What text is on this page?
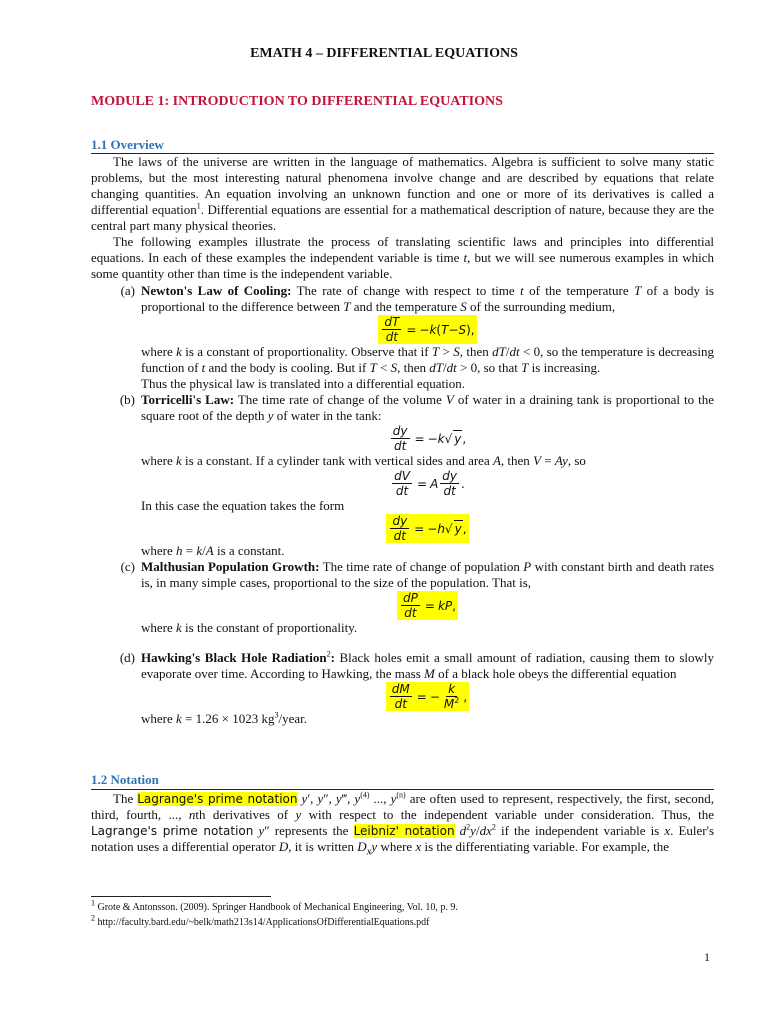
EMATH 4 – DIFFERENTIAL EQUATIONS
MODULE 1: INTRODUCTION TO DIFFERENTIAL EQUATIONS
1.1 Overview

The laws of the universe are written in the language of mathematics. Algebra is sufficient to solve many static problems, but the most interesting natural phenomena involve change and are described by equations that relate changing quantities. An equation involving an unknown function and one or more of its derivatives is called a differential equation$^1$. Differential equations are essential for a mathematical description of nature, because they are the central part many physical theories.

The following examples illustrate the process of translating scientific laws and principles into differential equations. In each of these examples the independent variable is time t, but we will see numerous examples in which some quantity other than time is the independent variable.

(a) Newton's Law of Cooling: The rate of change with respect to time t of the temperature T of a body is proportional to the difference between T and the temperature S of the surrounding medium,

$\frac{dT}{dt}$ = − k ( T − S ),

where k is a constant of proportionality. Observe that if T > S, then dT/dt < 0, so the temperature is decreasing function of t and the body is cooling. But if T < S, then dT/dt > 0, so that T is increasing.

Thus the physical law is translated into a differential equation.

(b) Torricelli's Law: The time rate of change of the volume V of water in a draining tank is proportional to the square root of the depth y of water in the tank:

$\frac{dy}{dt}$ = − k √ y ,

where k is a constant. If a cylinder tank with vertical sides and area A, then V = Ay, so

$\frac{dV}{dt} = A \frac{dy}{dt}$ .

In this case the equation takes the form

$\frac{dy}{dt}$ = − h √ y ,

where h = k/A is a constant.

(c) Malthusian Population Growth: The time rate of change of population P with constant birth and death rates is, in many simple cases, proportional to the size of the population. That is,

$\frac{dP}{dt}$ = kP ,

where k is the constant of proportionality.

(d) Hawking's Black Hole Radiation$^2$: Black holes emit a small amount of radiation, causing them to slowly evaporate over time. According to Hawking, the mass M of a black hole obeys the differential equation

$\frac{dM}{dt}$ = − $\frac{k}{M^2}$ ,

where k = 1.26 × 1023 $kg^3$/year.

1.2 Notation

The Lagrange's prime notation y′, y″, y‴, $y^{(4)}$ ..., $y^{(n)}$ are often used to represent, respectively, the first, second, third, fourth, ..., nth derivatives of y with respect to the independent variable under consideration. Thus, the Lagrange's prime notation y″ represents the Leibniz' notation $d^2y/dx^2$ if the independent variable is x. Euler's notation uses a differential operator D, it is written $D_xy$ where x is the differentiating variable. For example, the

$^1$ Grote & Antonsson. (2009). Springer Handbook of Mechanical Engineering, Vol. 10, p. 9.
$^2$ http://faculty.bard.edu/~belk/math213s14/ApplicationsOfDifferentialEquations.pdf
1
